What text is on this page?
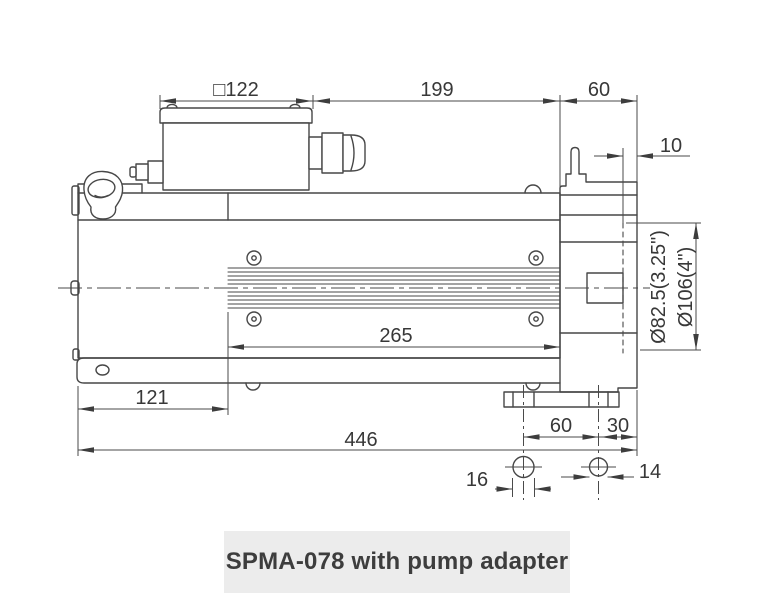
□122	199	60
10
265
121
446
60 30
16	14
Ø82.5(3.25") Ø106(4")
SPMA-078 with pump adapter
